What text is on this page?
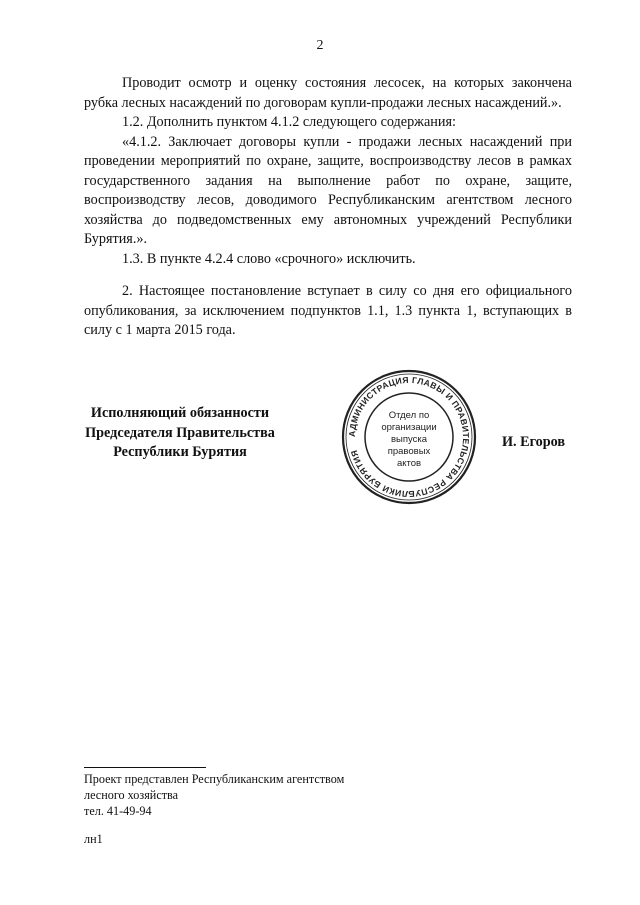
2

Проводит осмотр и оценку состояния лесосек, на которых закончена рубка лесных насаждений по договорам купли-продажи лесных насаждений.».

1.2. Дополнить пунктом 4.1.2 следующего содержания:

«4.1.2. Заключает договоры купли - продажи лесных насаждений при проведении мероприятий по охране, защите, воспроизводству лесов в рамках государственного задания на выполнение работ по охране, защите, воспроизводству лесов, доводимого Республиканским агентством лесного хозяйства до подведомственных ему автономных учреждений Республики Бурятия.».

1.3. В пункте 4.2.4 слово «срочного» исключить.

2. Настоящее постановление вступает в силу со дня его официального опубликования, за исключением подпунктов 1.1, 1.3 пункта 1, вступающих в силу с 1 марта 2015 года.

Исполняющий обязанности
Председателя Правительства
Республики Бурятия
АДМИНИСТРАЦИЯ ГЛАВЫ И ПРАВИТЕЛЬСТВА РЕСПУБЛИКИ БУРЯТИЯ
Отдел по
организации
выпуска
правовых
актов
И. Егоров
Проект представлен Республиканским агентством
лесного хозяйства
тел. 41-49-94
лн1
